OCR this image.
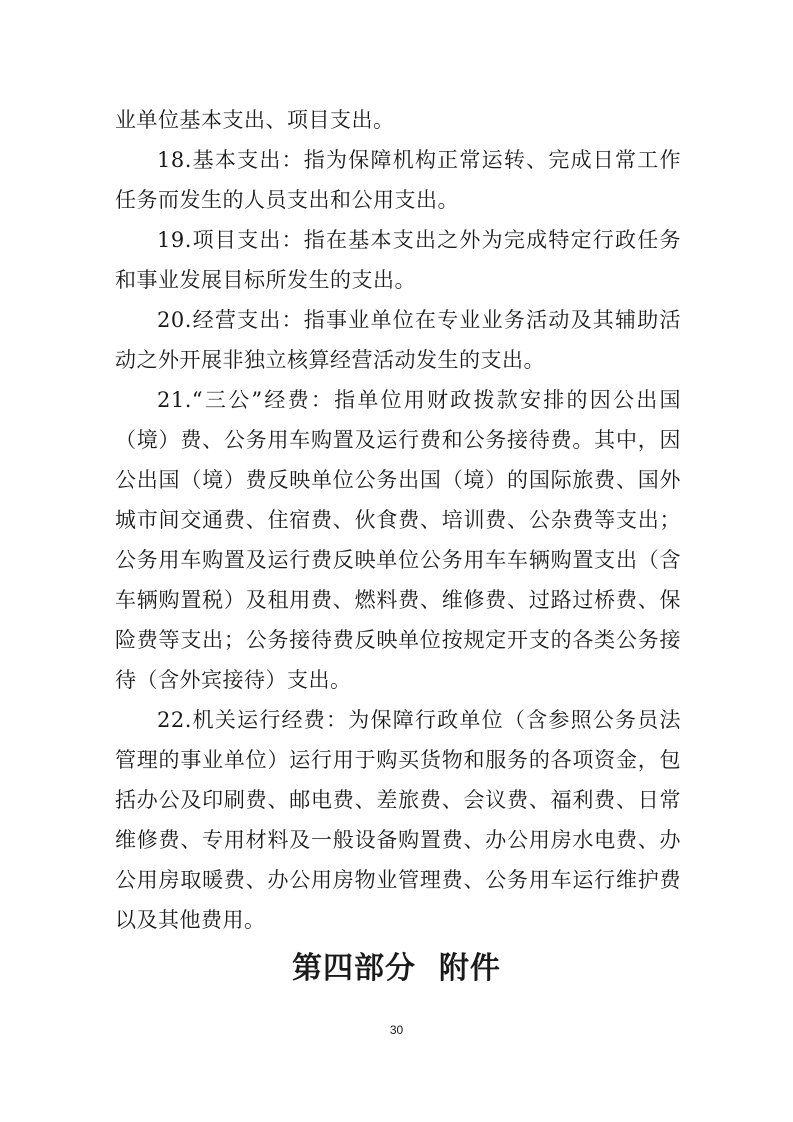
业单位基本支出、项目支出。
18.基本支出：指为保障机构正常运转、完成日常工作
任务而发生的人员支出和公用支出。
19.项目支出：指在基本支出之外为完成特定行政任务
和事业发展目标所发生的支出。
20.经营支出：指事业单位在专业业务活动及其辅助活
动之外开展非独立核算经营活动发生的支出。
21.“三公”经费：指单位用财政拨款安排的因公出国
（境）费、公务用车购置及运行费和公务接待费。其中，因
公出国（境）费反映单位公务出国（境）的国际旅费、国外
城市间交通费、住宿费、伙食费、培训费、公杂费等支出；
公务用车购置及运行费反映单位公务用车车辆购置支出（含
车辆购置税）及租用费、燃料费、维修费、过路过桥费、保
险费等支出；公务接待费反映单位按规定开支的各类公务接
待（含外宾接待）支出。
22.机关运行经费：为保障行政单位（含参照公务员法
管理的事业单位）运行用于购买货物和服务的各项资金，包
括办公及印刷费、邮电费、差旅费、会议费、福利费、日常
维修费、专用材料及一般设备购置费、办公用房水电费、办
公用房取暖费、办公用房物业管理费、公务用车运行维护费
以及其他费用。
第四部分  附件
30
